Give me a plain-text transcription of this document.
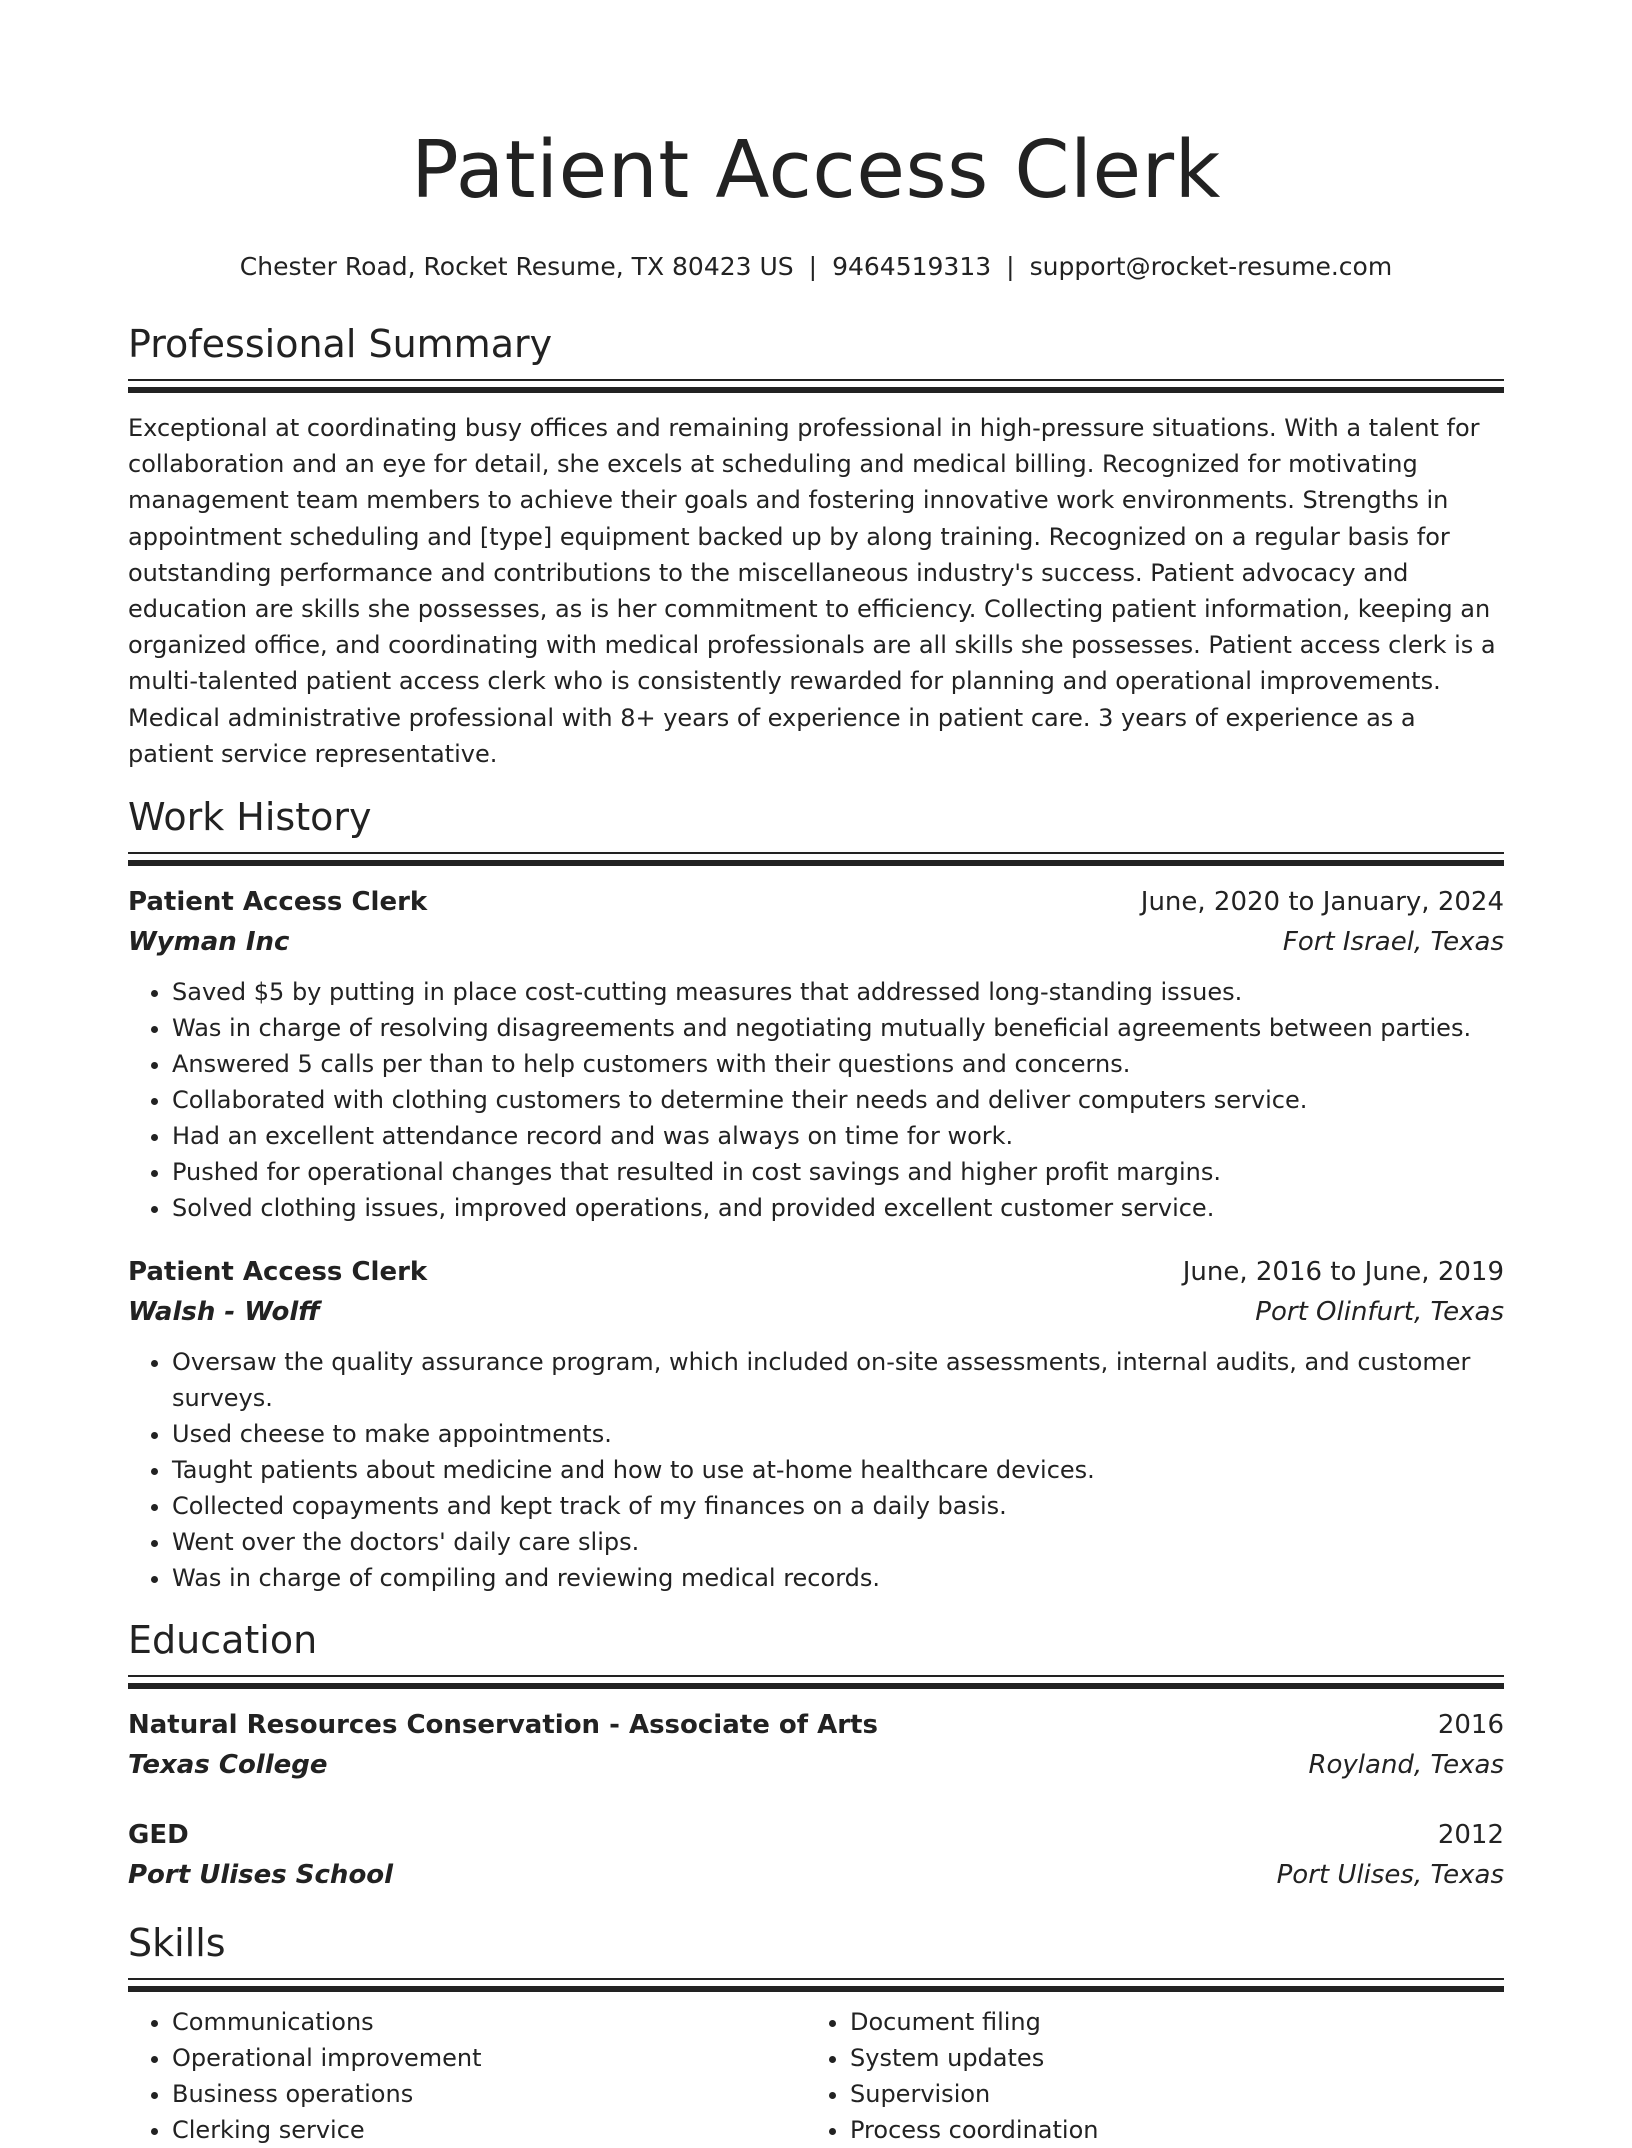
Patient Access Clerk
Chester Road, Rocket Resume, TX 80423 US | 9464519313 | support@rocket-resume.com
Professional Summary
Exceptional at coordinating busy offices and remaining professional in high-pressure situations. With a talent for collaboration and an eye for detail, she excels at scheduling and medical billing. Recognized for motivating management team members to achieve their goals and fostering innovative work environments. Strengths in appointment scheduling and [type] equipment backed up by along training. Recognized on a regular basis for outstanding performance and contributions to the miscellaneous industry's success. Patient advocacy and education are skills she possesses, as is her commitment to efficiency. Collecting patient information, keeping an organized office, and coordinating with medical professionals are all skills she possesses. Patient access clerk is a multi-talented patient access clerk who is consistently rewarded for planning and operational improvements. Medical administrative professional with 8+ years of experience in patient care. 3 years of experience as a patient service representative.
Work History
Patient Access Clerk	June, 2020 to January, 2024
Wyman Inc	Fort Israel, Texas
• Saved $5 by putting in place cost-cutting measures that addressed long-standing issues.
• Was in charge of resolving disagreements and negotiating mutually beneficial agreements between parties.
• Answered 5 calls per than to help customers with their questions and concerns.
• Collaborated with clothing customers to determine their needs and deliver computers service.
• Had an excellent attendance record and was always on time for work.
• Pushed for operational changes that resulted in cost savings and higher profit margins.
• Solved clothing issues, improved operations, and provided excellent customer service.
Patient Access Clerk	June, 2016 to June, 2019
Walsh - Wolff	Port Olinfurt, Texas
• Oversaw the quality assurance program, which included on-site assessments, internal audits, and customer surveys.
• Used cheese to make appointments.
• Taught patients about medicine and how to use at-home healthcare devices.
• Collected copayments and kept track of my finances on a daily basis.
• Went over the doctors' daily care slips.
• Was in charge of compiling and reviewing medical records.
Education
Natural Resources Conservation - Associate of Arts	2016
Texas College	Royland, Texas
GED	2012
Port Ulises School	Port Ulises, Texas
Skills
• Communications
• Operational improvement
• Business operations
• Clerking service
• Document filing
• System updates
• Supervision
• Process coordination
